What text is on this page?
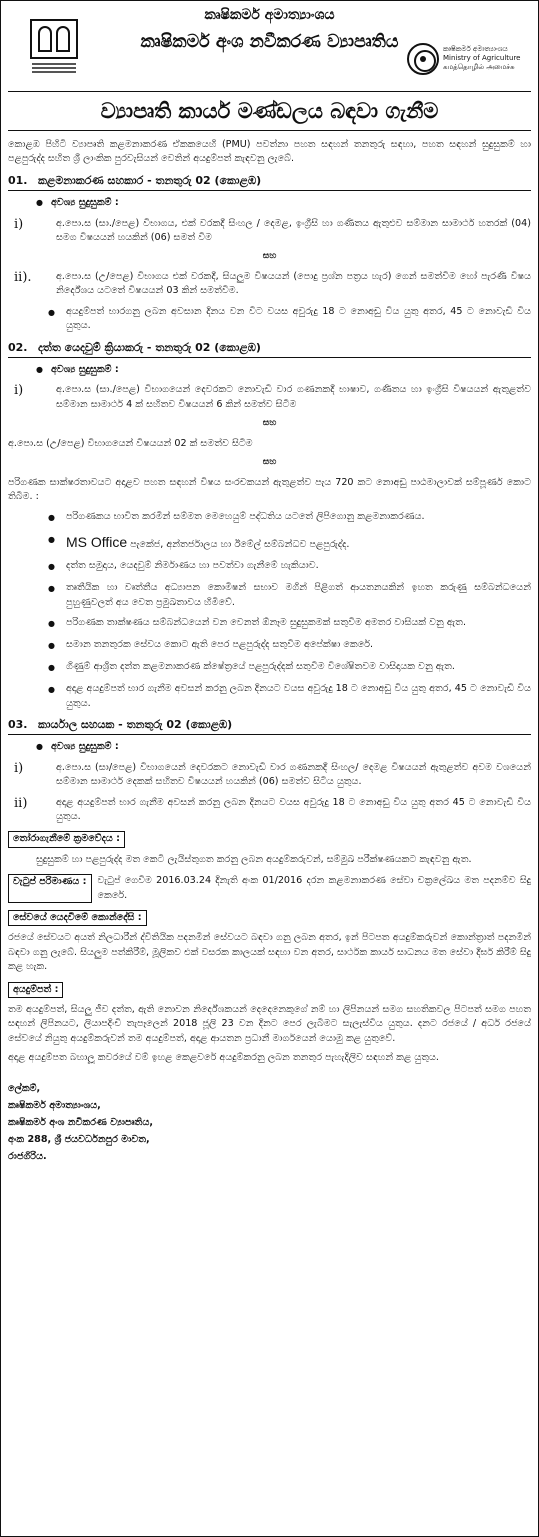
කෘෂිකර්ම අමාත්‍යාංශය
කෘෂිකර්ම අංශ නවීකරණ ව්‍යාපෘතිය	කෘෂිකර්ම අමාත්‍යාංශය
Ministry of Agriculture
கமத்தொழில் அமைச்சு
ව්‍යාපෘති කාර්ය මණ්ඩලය බඳවා ගැනීම
කොළඹ පිහිටි ව්‍යාපෘති කළමනාකරණ ඒකකයෙහි (PMU) පවත්නා පහත සඳහන් තනතුරු සඳහා, පහත සඳහන් සුදුසුකම් හා පළපුරුද්ද සහිත ශ්‍රී ලාංකික පුරවැසියන් වෙතින් අයදුම්පත් කැඳවනු ලැබේ.
01. කළමනාකරණ සහකාර - තනතුරු 02 (කොළඹ)
● අවශ්‍ය සුදුසුකම් :
i)	අ.පො.ස (සා./පෙළ) විභාගය, එක් වරකදී සිංහල / දෙමළ, ඉංග්‍රීසි හා ගණිතය ඇතුළුව සම්මාන සාමාර්ථ හතරක් (04) සමග විෂයයන් හයකින් (06) සමත් වීම
සහ
ii).	අ.පො.ස (උ/පෙළ) විභාගය එක් වරකදී, සියලුම විෂයයන් (පොදු ප්‍රශ්න පත්‍රය හැර) ගෙන් සමත්වීම හෝ පැරණි විෂය නිර්දේශය යටතේ විෂයයන් 03 කින් සමත්වීම.
●	අයදුම්පත් භාරගනු ලබන අවසාන දිනය වන විට වයස අවුරුදු 18 ට නොඅඩු විය යුතු අතර, 45 ට නොවැඩි විය යුතුය.
02. දත්ත යෙදවුම් ක්‍රියාකරු - තනතුරු 02 (කොළඹ)
● අවශ්‍ය සුදුසුකම් :
i)	අ.පො.ස (සා./පෙළ) විභාගයෙන් දෙවරකට නොවැඩි වාර ගණනකදී භාෂාව, ගණිතය හා ඉංග්‍රීසි විෂයයන් ඇතුළත්ව සම්මාන සාමාර්ථ 4 ක් සහිතව විෂයයන් 6 කින් සමත්ව සිටීම
සහ
අ.පො.ස (උ/පෙළ) විභාගයෙන් විෂයයන් 02 ක් සමත්ව සිටීම
සහ
පරිගණක සාක්ෂරතාවයට අදාළව පහත සඳහන් විෂය සංරචකයන් ඇතුළත්ව පැය 720 කට නොඅඩු පාඨමාලාවක් සම්පූර්ණ කොට තිබීම. :
●	පරිගණකය භාවිත කරමින් සම්මත මෙහෙයුම් පද්ධතිය යටතේ ලිපිගොනු කළමනාකරණය.
● MS Office පැකේජ, අන්තර්ජාලය හා ඊමේල් සම්බන්ධව පළපුරුද්ද.
●	දත්ත සමුදාය, යෙදවුම් නිර්මාණය හා පවත්වා ගැනීමේ හැකියාව.
●	තෘතීයික හා වෘත්තීය අධ්‍යාපන කොමිෂන් සභාව මගින් පිළිගත් ආයතනයකින් ඉහත කරුණු සම්බන්ධයෙන් පුහුණුවලත් අය වෙත ප්‍රමුඛතාවය හිමිවේ.
●	පරිගණක තාක්ෂණය සම්බන්ධයෙන් වන වෙනත් ඕනෑම සුදුසුකමක් සතුවීම අමතර වාසියක් වනු ඇත.
●	සමාන තනතුරක සේවය කොට ඇති පෙර පළපුරුද්ද සතුවීම අපේක්ෂා කෙරේ.
●	ගිණුම් ආශ්‍රිත දත්ත කළමනාකරණ ක්ෂේත්‍රයේ පළපුරුද්දක් සතුවීම විශේෂිතවම වාසිදායක වනු ඇත.
●	අදාළ අයදුම්පත් භාර ගැනීම අවසන් කරනු ලබන දිනයට වයස අවුරුදු 18 ට නොඅඩු විය යුතු අතර, 45 ට නොවැඩි විය යුතුය.
03. කාර්යාල සහයක - තනතුරු 02 (කොළඹ)
● අවශ්‍ය සුදුසුකම් :
i)	අ.පො.ස (සා/පෙළ) විභාගයෙන් දෙවරකට නොවැඩි වාර ගණනකදී සිංහල/ දෙමළ විෂයයන් ඇතුළත්ව අවම වශයෙන් සම්මාන සාමාර්ථ දෙකක් සහිතව විෂයයන් හයකින් (06) සමත්ව සිටිය යුතුය.
ii)	අදාළ අයදුම්පත් භාර ගැනීම අවසන් කරනු ලබන දිනයට වයස අවුරුදු 18 ට නොඅඩු විය යුතු අතර 45 ට නොවැඩි විය යුතුය.
තෝරාගැනීමේ ක්‍රමවේදය :
සුදුසුකම් හා පළපුරුද්ද මත කෙටි ලැයිස්තුගත කරනු ලබන අයදුම්කරුවන්, සම්මුඛ පරීක්ෂණයකට කැඳවනු ඇත.
වැටුප් පරිමාණය :	වැටුප් ගෙවීම 2016.03.24 දිනැති අංක 01/2016 දරන කළමනාකරණ සේවා චක්‍රලේඛය මත පදනම්ව සිදු කෙරේ.
සේවයේ යෙදවීමේ කොන්දේසි :
රජයේ සේවයට අයත් නිලධාරීන් ද්විතියික පදනමින් සේවයට බඳවා ගනු ලබන අතර, ඉන් පිටපත අයදුම්කරුවන් කොන්ත්‍රාත් පදනමින් බඳවා ගනු ලැබේ. සියලුම පත්කිරීම්, මූලිකව එක් වසරක කාලයක් සඳහා වන අතර, සාර්ථක කාර්ය සාධනය මත සේවා දීර්ඝ කිරීම් සිදු කළ හැක.
අයදුම්පත් :
තම අයදුම්පත්, සියලු ජීව දත්ත, ඇති නොවන නිර්දේශකයන් දෙදෙනෙකුගේ නම් හා ලිපිනයන් සමග සහතිකවල පිටපත් සමග පහත සඳහන් ලිපිනයට, ලියාපදිංචි තැපෑලෙන් 2018 ජූලි 23 වන දිනට පෙර ලැබීමට සැලැස්විය යුතුය. දනට රජයේ / අර්ධ රජයේ සේවයේ නියුතු අයදුම්කරුවන් තම අයදුම්පත්, අදාළ ආයතන ප්‍රධානී මාර්ගයෙන් යොමු කළ යුතුවේ.
අදාළ අයදුම්පත බහාලූ කවරයේ වම් ඉහළ කෙළවරේ අයදුම්කරනු ලබන තනතුර පැහැදිලිව සඳහන් කළ යුතුය.
ලේකම්,
කෘෂිකර්ම අමාත්‍යාංශය,
කෘෂිකර්ම අංශ නවීකරණ ව්‍යාපෘතිය,
අංක 288, ශ්‍රී ජයවර්ධනපුර මාවත,
රාජගිරිය.
